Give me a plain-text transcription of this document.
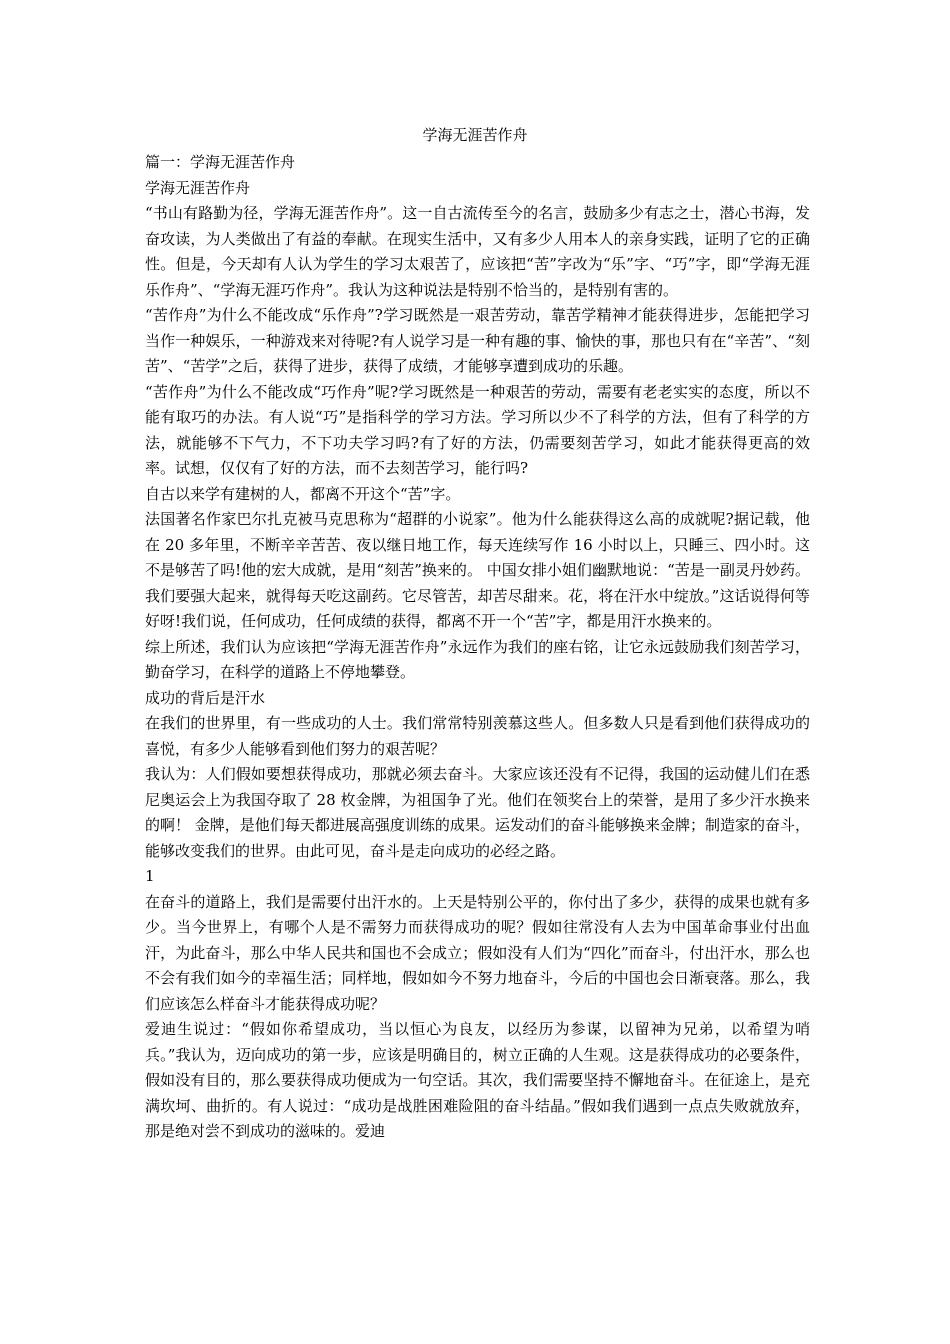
学海无涯苦作舟

篇一：学海无涯苦作舟

学海无涯苦作舟

“书山有路勤为径，学海无涯苦作舟”。这一自古流传至今的名言，鼓励多少有志之士，潜心书海，发奋攻读，为人类做出了有益的奉献。在现实生活中，又有多少人用本人的亲身实践，证明了它的正确性。但是，今天却有人认为学生的学习太艰苦了，应该把“苦”字改为“乐”字、“巧”字，即“学海无涯乐作舟”、“学海无涯巧作舟”。我认为这种说法是特别不恰当的，是特别有害的。

“苦作舟”为什么不能改成“乐作舟”?学习既然是一艰苦劳动，靠苦学精神才能获得进步，怎能把学习当作一种娱乐，一种游戏来对待呢?有人说学习是一种有趣的事、愉快的事，那也只有在“辛苦”、“刻苦”、“苦学”之后，获得了进步，获得了成绩，才能够享遭到成功的乐趣。

“苦作舟”为什么不能改成“巧作舟”呢?学习既然是一种艰苦的劳动，需要有老老实实的态度，所以不能有取巧的办法。有人说“巧”是指科学的学习方法。学习所以少不了科学的方法，但有了科学的方法，就能够不下气力，不下功夫学习吗?有了好的方法，仍需要刻苦学习，如此才能获得更高的效率。试想，仅仅有了好的方法，而不去刻苦学习，能行吗?

自古以来学有建树的人，都离不开这个“苦”字。

法国著名作家巴尔扎克被马克思称为“超群的小说家”。他为什么能获得这么高的成就呢?据记载，他在 20 多年里，不断辛辛苦苦、夜以继日地工作，每天连续写作 16 小时以上，只睡三、四小时。这不是够苦了吗!他的宏大成就，是用“刻苦”换来的。 中国女排小姐们幽默地说：“苦是一副灵丹妙药。我们要强大起来，就得每天吃这副药。它尽管苦，却苦尽甜来。花，将在汗水中绽放。”这话说得何等好呀!我们说，任何成功，任何成绩的获得，都离不开一个“苦”字，都是用汗水换来的。

综上所述，我们认为应该把“学海无涯苦作舟”永远作为我们的座右铭，让它永远鼓励我们刻苦学习，勤奋学习，在科学的道路上不停地攀登。

成功的背后是汗水

在我们的世界里，有一些成功的人士。我们常常特别羡慕这些人。但多数人只是看到他们获得成功的喜悦，有多少人能够看到他们努力的艰苦呢？

我认为：人们假如要想获得成功，那就必须去奋斗。大家应该还没有不记得，我国的运动健儿们在悉尼奥运会上为我国夺取了 28 枚金牌，为祖国争了光。他们在领奖台上的荣誉，是用了多少汗水换来的啊！ 金牌，是他们每天都进展高强度训练的成果。运发动们的奋斗能够换来金牌；制造家的奋斗，能够改变我们的世界。由此可见，奋斗是走向成功的必经之路。

1

在奋斗的道路上，我们是需要付出汗水的。上天是特别公平的，你付出了多少，获得的成果也就有多少。当今世界上，有哪个人是不需努力而获得成功的呢？假如往常没有人去为中国革命事业付出血汗，为此奋斗，那么中华人民共和国也不会成立；假如没有人们为“四化”而奋斗，付出汗水，那么也不会有我们如今的幸福生活；同样地，假如如今不努力地奋斗，今后的中国也会日渐衰落。那么，我们应该怎么样奋斗才能获得成功呢？

爱迪生说过：“假如你希望成功，当以恒心为良友，以经历为参谋，以留神为兄弟，以希望为哨兵。”我认为，迈向成功的第一步，应该是明确目的，树立正确的人生观。这是获得成功的必要条件，假如没有目的，那么要获得成功便成为一句空话。其次，我们需要坚持不懈地奋斗。在征途上，是充满坎坷、曲折的。有人说过：“成功是战胜困难险阻的奋斗结晶。”假如我们遇到一点点失败就放弃，那是绝对尝不到成功的滋味的。爱迪
